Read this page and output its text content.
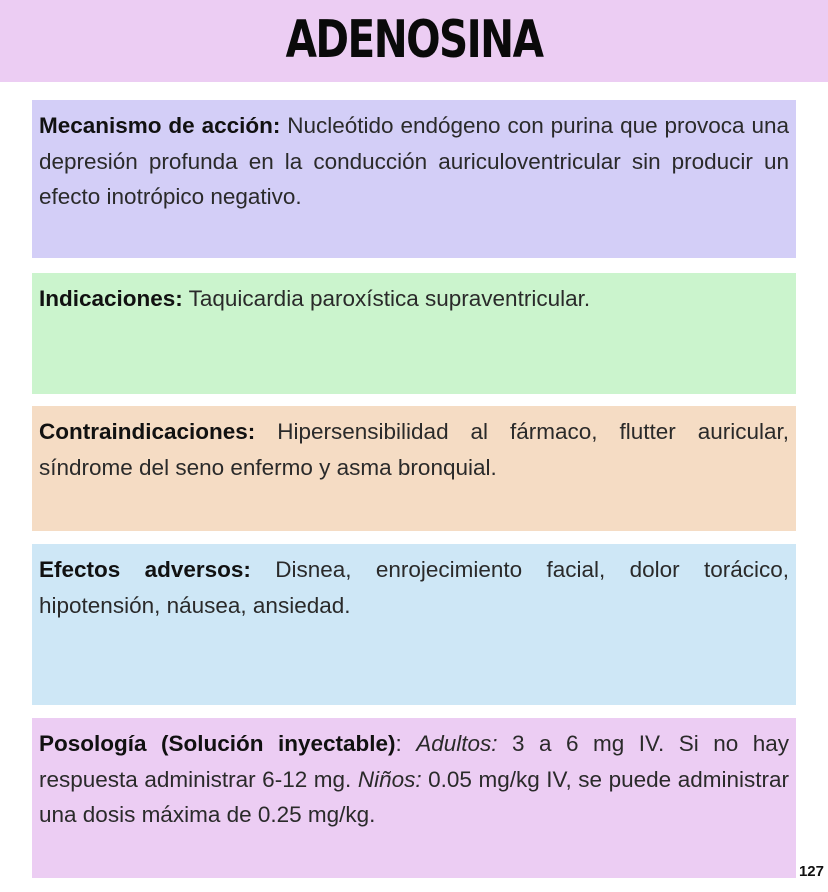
ADENOSINA
Mecanismo de acción: Nucleótido endógeno con purina que provoca una depresión profunda en la conducción auriculoventricular sin producir un efecto inotrópico negativo.
Indicaciones: Taquicardia paroxística supraventricular.
Contraindicaciones: Hipersensibilidad al fármaco, flutter auricular, síndrome del seno enfermo y asma bronquial.
Efectos adversos: Disnea, enrojecimiento facial, dolor torácico, hipotensión, náusea, ansiedad.
Posología (Solución inyectable): Adultos: 3 a 6 mg IV. Si no hay respuesta administrar 6-12 mg. Niños: 0.05 mg/kg IV, se puede administrar una dosis máxima de 0.25 mg/kg.
127
